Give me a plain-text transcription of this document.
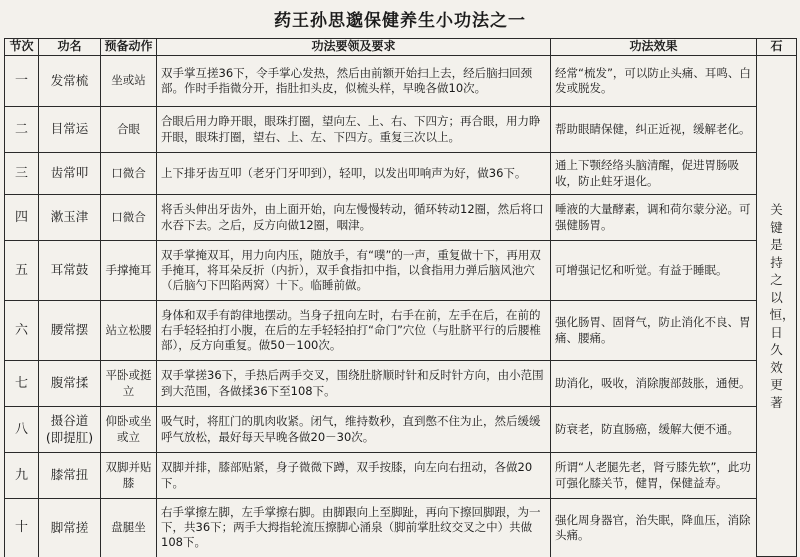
药王孙思邈保健养生小功法之一
节次	功名	预备动作	功法要领及要求	功法效果	石
一	发常梳	坐或站	双手掌互搓36下，令手掌心发热，然后由前额开始扫上去，经后脑扫回颈部。作时手指微分开，指肚扣头皮，似梳头样，早晚各做10次。	经常“梳发”，可以防止头痛、耳鸣、白发或脱发。	关键是持之以恒，日久效更著
二	目常运	合眼	合眼后用力睁开眼，眼珠打圈，望向左、上、右、下四方；再合眼，用力睁开眼，眼珠打圈，望右、上、左、下四方。重复三次以上。	帮助眼睛保健，纠正近视，缓解老化。	
三	齿常叩	口微合	上下排牙齿互叩（老牙门牙叩到），轻叩，以发出叩响声为好，做36下。	通上下颚经络头脑清醒，促进胃肠吸收，防止蛀牙退化。	
四	漱玉津	口微合	将舌头伸出牙齿外，由上面开始，向左慢慢转动，循环转动12圈，然后将口水吞下去。之后，反方向做12圈，咽津。	唾液的大量酵素，调和荷尔蒙分泌。可强健肠胃。	
五	耳常鼓	手撑掩耳	双手掌掩双耳，用力向内压，随放手，有“噗”的一声，重复做十下，再用双手掩耳，将耳朵反折（内折），双手食指扣中指，以食指用力弹后脑风池穴（后脑勺下凹陷两窝）十下。临睡前做。	可增强记忆和听觉。有益于睡眠。	
六	腰常摆	站立松腰	身体和双手有韵律地摆动。当身子扭向左时，右手在前，左手在后，在前的右手轻轻拍打小腹，在后的左手轻轻拍打“命门”穴位（与肚脐平行的后腰椎部），反方向重复。做50－100次。	强化肠胃、固肾气，防止消化不良、胃痛、腰痛。	
七	腹常揉	平卧或挺立	双手掌搓36下，手热后两手交叉，围绕肚脐顺时针和反时针方向，由小范围到大范围，各做揉36下至108下。	助消化，吸收，消除腹部鼓胀，通便。	
八	摄谷道(即提肛)	仰卧或坐或立	吸气时，将肛门的肌肉收紧。闭气，维持数秒，直到憋不住为止，然后缓缓呼气放松，最好每天早晚各做20－30次。	防衰老，防直肠癌，缓解大便不通。	
九	膝常扭	双脚并贴膝	双脚并排，膝部贴紧，身子微微下蹲，双手按膝，向左向右扭动，各做20下。	所谓“人老腿先老，肾亏膝先软”，此功可强化膝关节，健胃，保健益寿。	
十	脚常搓	盘腿坐	右手掌擦左脚，左手掌擦右脚。由脚跟向上至脚趾，再向下擦回脚跟，为一下，共36下；两手大拇指轮流压擦脚心涌泉（脚前掌肚纹交叉之中）共做108下。	强化周身器官，治失眠，降血压，消除头痛。	
